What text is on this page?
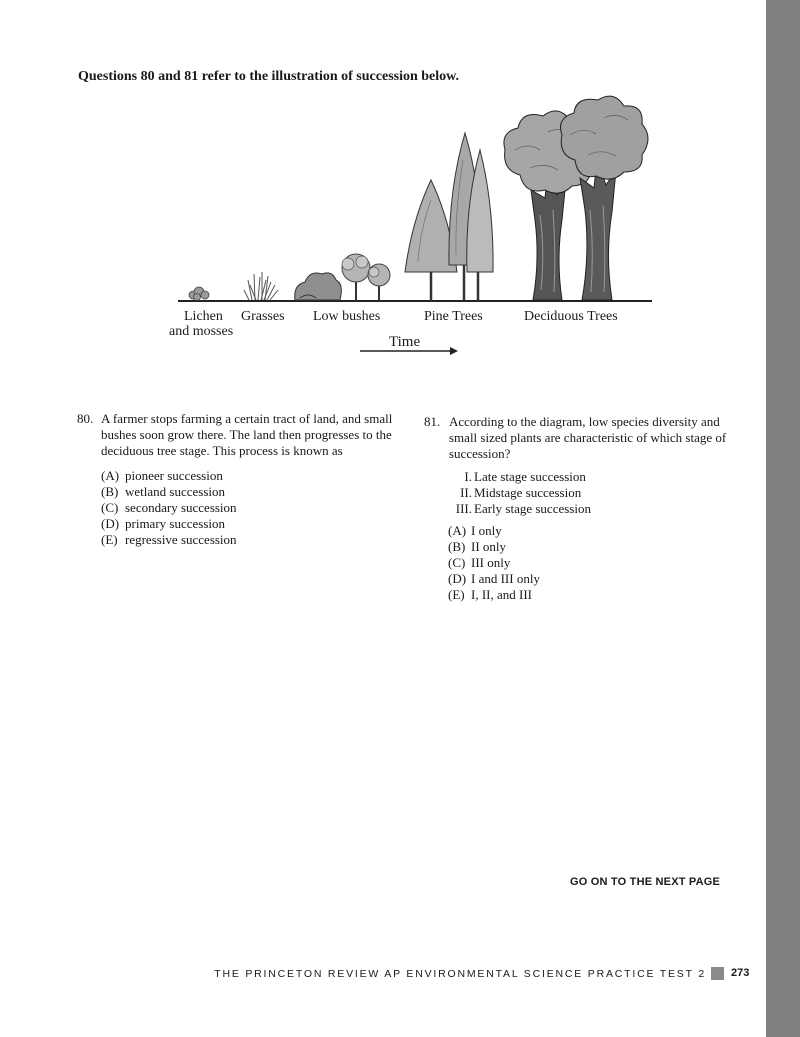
Questions 80 and 81 refer to the illustration of succession below.
Lichen
and mosses
Grasses Low bushes	Pine Trees	Deciduous Trees
Time
80. A farmer stops farming a certain tract of land, and small
bushes soon grow there. The land then progresses to the
deciduous tree stage. This process is known as
(A) pioneer succession
(B) wetland succession
(C) secondary succession
(D) primary succession
(E) regressive succession
81. According to the diagram, low species diversity and
small sized plants are characteristic of which stage of
succession?
I. Late stage succession
II. Midstage succession
III. Early stage succession
(A) I only
(B) II only
(C) III only
(D) I and III only
(E) I, II, and III
GO ON TO THE NEXT PAGE
THE PRINCETON REVIEW AP ENVIRONMENTAL SCIENCE PRACTICE TEST 2 273
